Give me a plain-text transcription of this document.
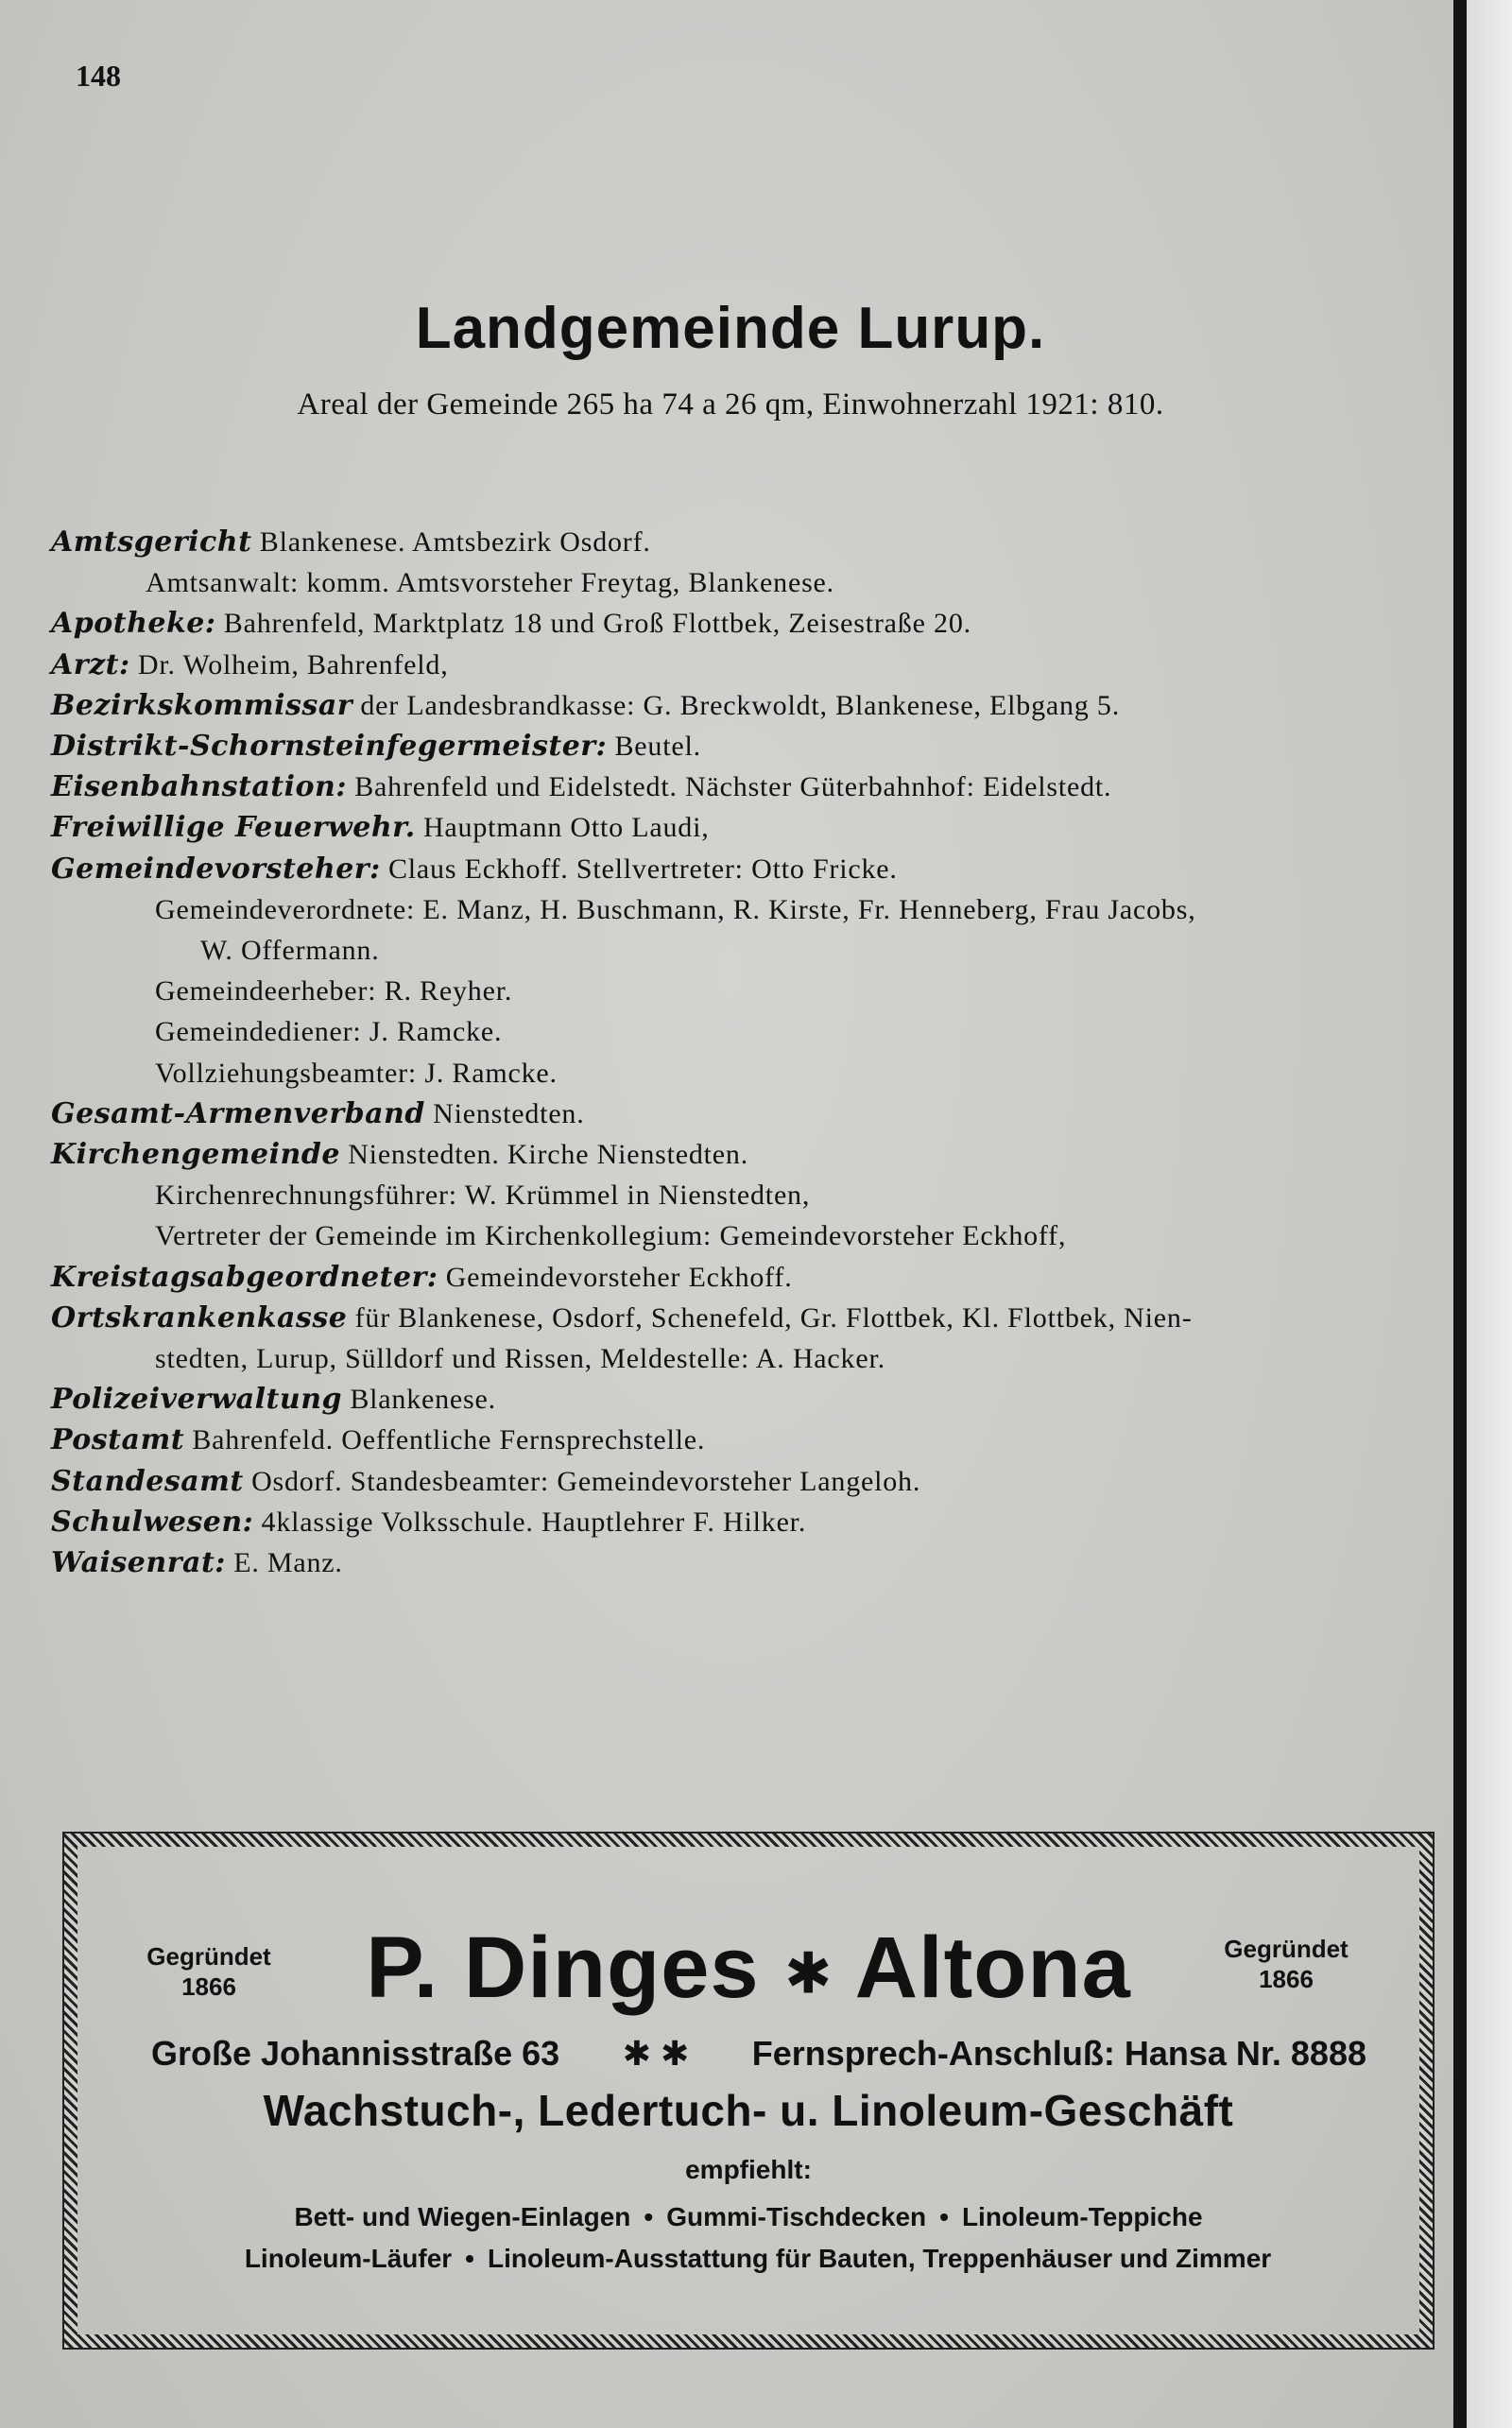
148
Landgemeinde Lurup.
Areal der Gemeinde 265 ha 74 a 26 qm, Einwohnerzahl 1921: 810.
Amtsgericht Blankenese. Amtsbezirk Osdorf.
Amtsanwalt: komm. Amtsvorsteher Freytag, Blankenese.
Apotheke: Bahrenfeld, Marktplatz 18 und Groß Flottbek, Zeisestraße 20.
Arzt: Dr. Wolheim, Bahrenfeld,
Bezirkskommissar der Landesbrandkasse: G. Breckwoldt, Blankenese, Elbgang 5.
Distrikt-Schornsteinfegermeister: Beutel.
Eisenbahnstation: Bahrenfeld und Eidelstedt. Nächster Güterbahnhof: Eidelstedt.
Freiwillige Feuerwehr. Hauptmann Otto Laudi,
Gemeindevorsteher: Claus Eckhoff. Stellvertreter: Otto Fricke.
Gemeindeverordnete: E. Manz, H. Buschmann, R. Kirste, Fr. Henneberg, Frau Jacobs,
W. Offermann.
Gemeindeerheber: R. Reyher.
Gemeindediener: J. Ramcke.
Vollziehungsbeamter: J. Ramcke.
Gesamt-Armenverband Nienstedten.
Kirchengemeinde Nienstedten. Kirche Nienstedten.
Kirchenrechnungsführer: W. Krümmel in Nienstedten,
Vertreter der Gemeinde im Kirchenkollegium: Gemeindevorsteher Eckhoff,
Kreistagsabgeordneter: Gemeindevorsteher Eckhoff.
Ortskrankenkasse für Blankenese, Osdorf, Schenefeld, Gr. Flottbek, Kl. Flottbek, Nien-
stedten, Lurup, Sülldorf und Rissen, Meldestelle: A. Hacker.
Polizeiverwaltung Blankenese.
Postamt Bahrenfeld. Oeffentliche Fernsprechstelle.
Standesamt Osdorf. Standesbeamter: Gemeindevorsteher Langeloh.
Schulwesen: 4klassige Volksschule. Hauptlehrer F. Hilker.
Waisenrat: E. Manz.
Gegründet
1866
Gegründet
1866
P. Dinges ✱ Altona
Große Johannisstraße 63 ✱ ✱ Fernsprech-Anschluß: Hansa Nr. 8888
Wachstuch-, Ledertuch- u. Linoleum-Geschäft
empfiehlt:
Bett- und Wiegen-Einlagen • Gummi-Tischdecken • Linoleum-Teppiche
Linoleum-Läufer • Linoleum-Ausstattung für Bauten, Treppenhäuser und Zimmer
